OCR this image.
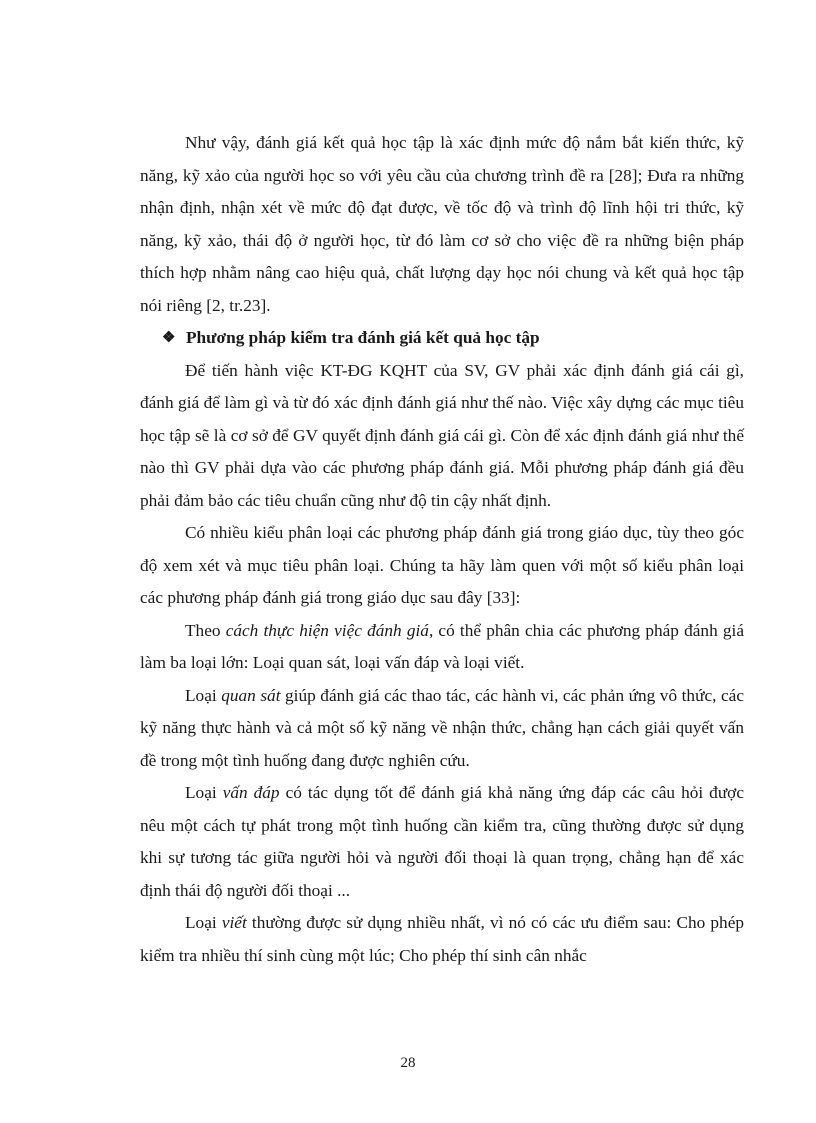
Như vậy, đánh giá kết quả học tập là xác định mức độ nắm bắt kiến thức, kỹ năng, kỹ xảo của người học so với yêu cầu của chương trình đề ra [28]; Đưa ra những nhận định, nhận xét về mức độ đạt được, về tốc độ và trình độ lĩnh hội tri thức, kỹ năng, kỹ xảo, thái độ ở người học, từ đó làm cơ sở cho việc đề ra những biện pháp thích hợp nhằm nâng cao hiệu quả, chất lượng dạy học nói chung và kết quả học tập nói riêng [2, tr.23].

❖ Phương pháp kiểm tra đánh giá kết quả học tập

Để tiến hành việc KT-ĐG KQHT của SV, GV phải xác định đánh giá cái gì, đánh giá để làm gì và từ đó xác định đánh giá như thế nào. Việc xây dựng các mục tiêu học tập sẽ là cơ sở để GV quyết định đánh giá cái gì. Còn để xác định đánh giá như thế nào thì GV phải dựa vào các phương pháp đánh giá. Mỗi phương pháp đánh giá đều phải đảm bảo các tiêu chuẩn cũng như độ tin cậy nhất định.

Có nhiều kiểu phân loại các phương pháp đánh giá trong giáo dục, tùy theo góc độ xem xét và mục tiêu phân loại. Chúng ta hãy làm quen với một số kiểu phân loại các phương pháp đánh giá trong giáo dục sau đây [33]:

Theo cách thực hiện việc đánh giá, có thể phân chia các phương pháp đánh giá làm ba loại lớn: Loại quan sát, loại vấn đáp và loại viết.

Loại quan sát giúp đánh giá các thao tác, các hành vi, các phản ứng vô thức, các kỹ năng thực hành và cả một số kỹ năng về nhận thức, chẳng hạn cách giải quyết vấn đề trong một tình huống đang được nghiên cứu.

Loại vấn đáp có tác dụng tốt để đánh giá khả năng ứng đáp các câu hỏi được nêu một cách tự phát trong một tình huống cần kiểm tra, cũng thường được sử dụng khi sự tương tác giữa người hỏi và người đối thoại là quan trọng, chẳng hạn để xác định thái độ người đối thoại ...

Loại viết thường được sử dụng nhiều nhất, vì nó có các ưu điểm sau: Cho phép kiểm tra nhiều thí sinh cùng một lúc; Cho phép thí sinh cân nhắc

28
